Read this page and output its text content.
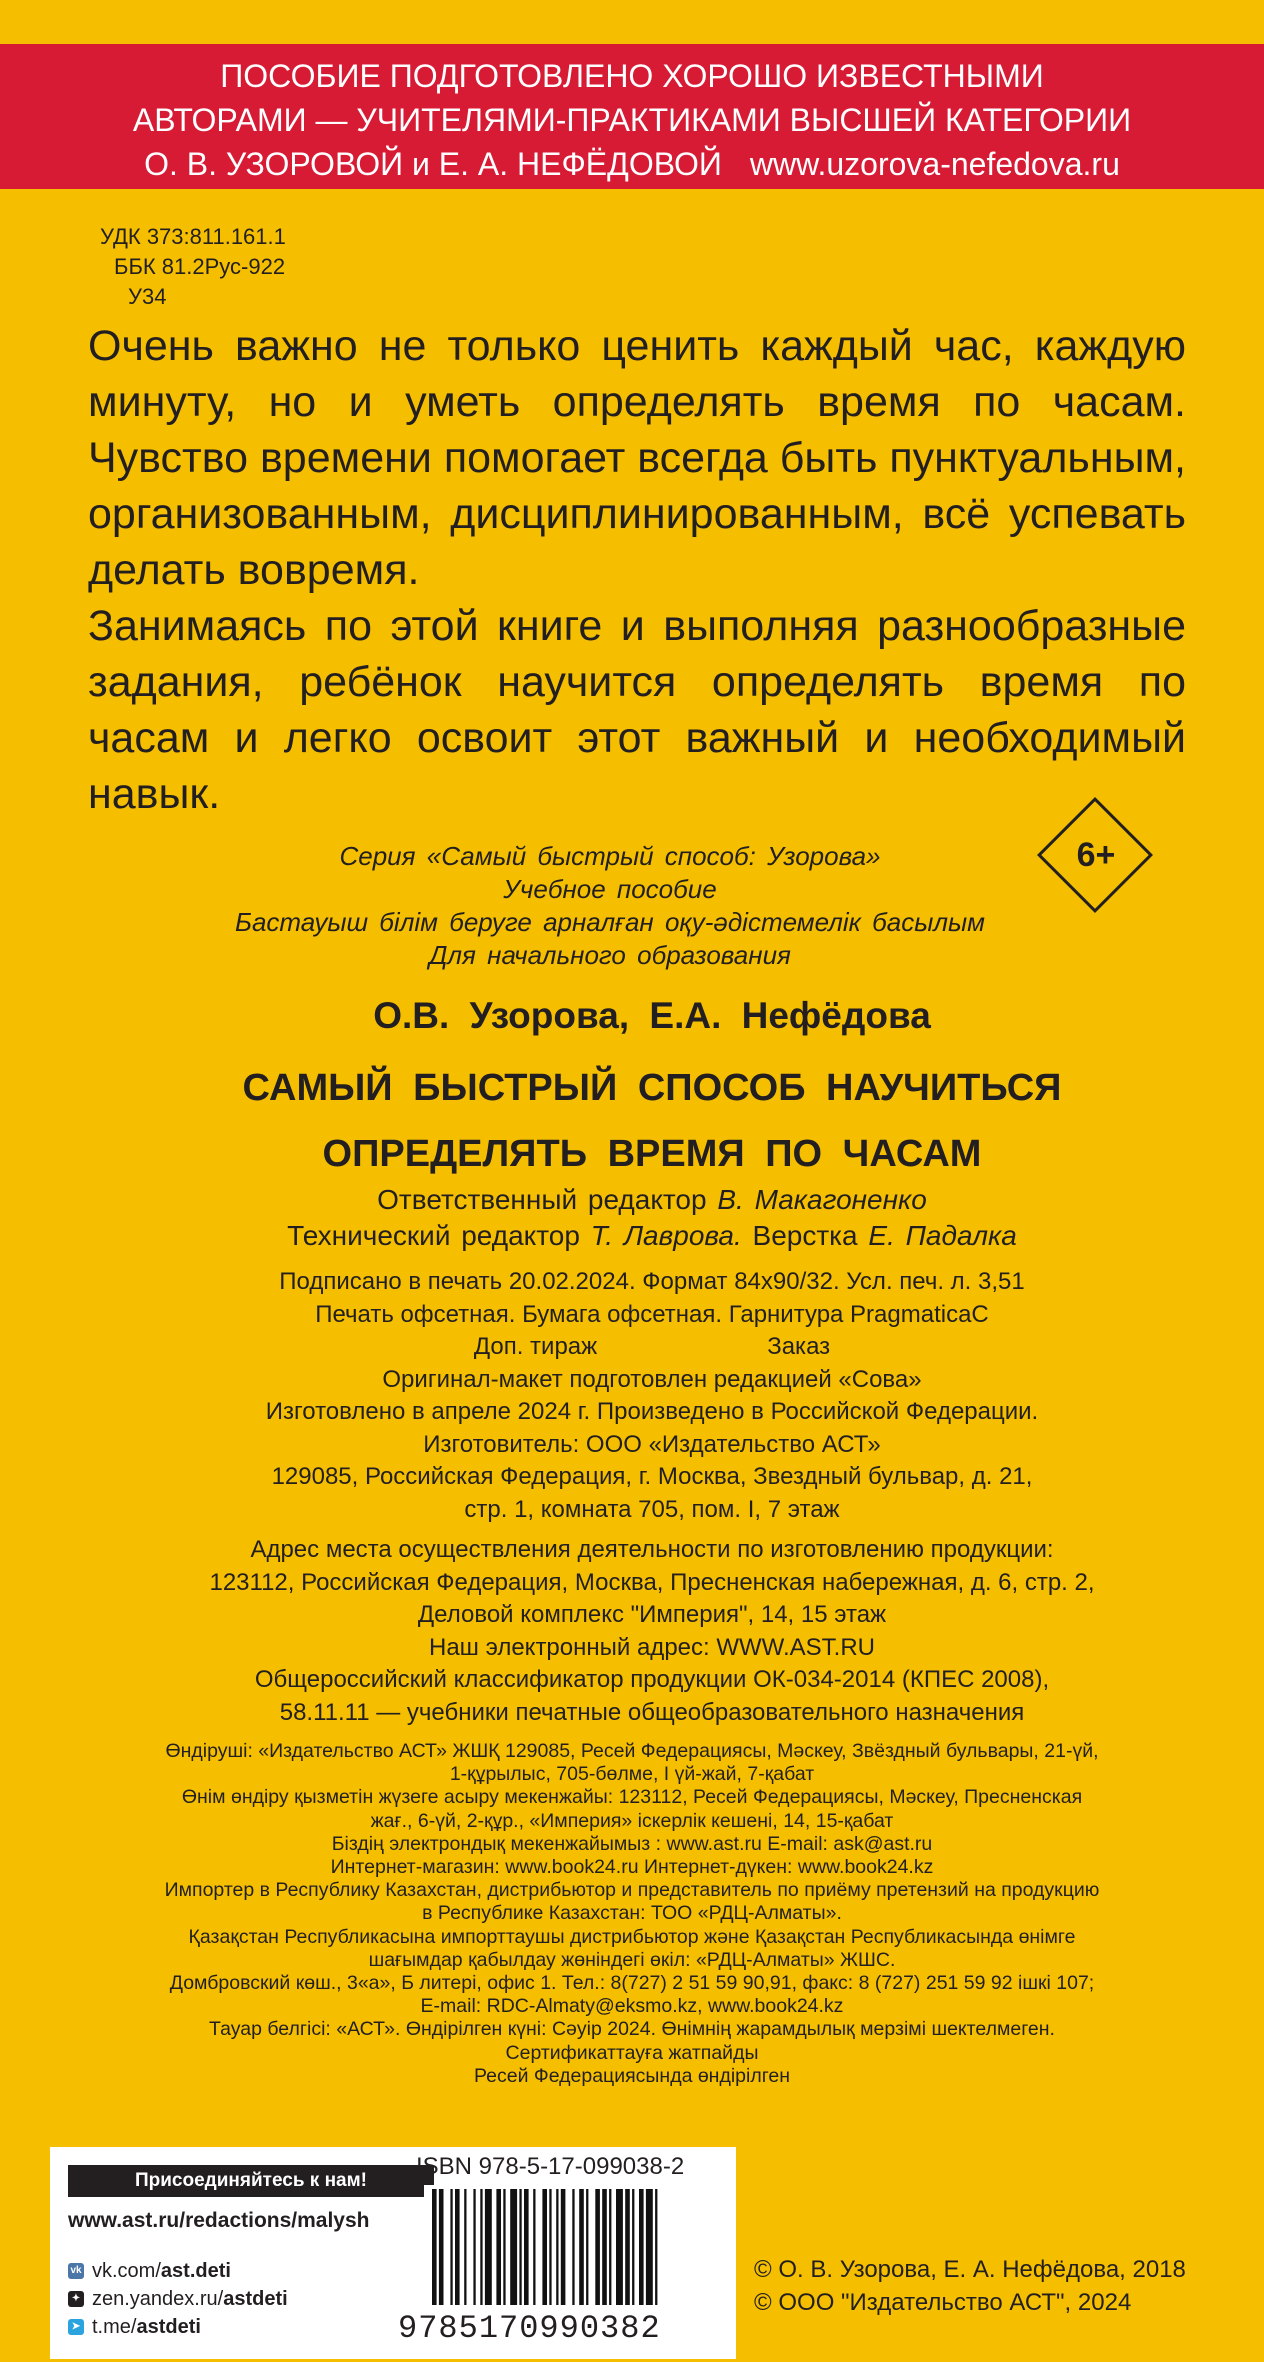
ПОСОБИЕ ПОДГОТОВЛЕНО ХОРОШО ИЗВЕСТНЫМИ
АВТОРАМИ — УЧИТЕЛЯМИ-ПРАКТИКАМИ ВЫСШЕЙ КАТЕГОРИИ
О. В. УЗОРОВОЙ и Е. А. НЕФЁДОВОЙ www.uzorova-nefedova.ru
УДК 373:811.161.1
ББК 81.2Рус-922
У34

Очень важно не только ценить каждый час, каждую минуту, но и уметь определять время по часам. Чувство времени помогает всегда быть пунктуальным, организованным, дисциплинированным, всё успевать делать вовремя.

Занимаясь по этой книге и выполняя разнообразные задания, ребёнок научится определять время по часам и легко освоит этот важный и необходимый навык.

Серия «Самый быстрый способ: Узорова»
Учебное пособие
Бастауыш білім беруге арналған оқу-әдістемелік басылым
Для начального образования
6+
О.В. Узорова, Е.А. Нефёдова
САМЫЙ БЫСТРЫЙ СПОСОБ НАУЧИТЬСЯ
ОПРЕДЕЛЯТЬ ВРЕМЯ ПО ЧАСАМ
Ответственный редактор В. Макагоненко
Технический редактор Т. Лаврова. Верстка Е. Падалка
Подписано в печать 20.02.2024. Формат 84x90/32. Усл. печ. л. 3,51
Печать офсетная. Бумага офсетная. Гарнитура PragmaticaC
Доп. тираж	Заказ
Оригинал-макет подготовлен редакцией «Сова»
Изготовлено в апреле 2024 г. Произведено в Российской Федерации.
Изготовитель: ООО «Издательство АСТ»
129085, Российская Федерация, г. Москва, Звездный бульвар, д. 21,
стр. 1, комната 705, пом. I, 7 этаж
Адрес места осуществления деятельности по изготовлению продукции:
123112, Российская Федерация, Москва, Пресненская набережная, д. 6, стр. 2,
Деловой комплекс "Империя", 14, 15 этаж
Наш электронный адрес: WWW.AST.RU
Общероссийский классификатор продукции ОК-034-2014 (КПЕС 2008),
58.11.11 — учебники печатные общеобразовательного назначения
Өндіруші: «Издательство АСТ» ЖШҚ 129085, Ресей Федерациясы, Мәскеу, Звёздный бульвары, 21-үй,
1-құрылыс, 705-бөлме, I үй-жай, 7-қабат
Өнім өндіру қызметін жүзеге асыру мекенжайы: 123112, Ресей Федерациясы, Мәскеу, Пресненская
жағ., 6-үй, 2-құр., «Империя» іскерлік кешені, 14, 15-қабат
Біздің электрондық мекенжайымыз : www.ast.ru E-mail: ask@ast.ru
Интернет-магазин: www.book24.ru Интернет-дүкен: www.book24.kz
Импортер в Республику Казахстан, дистрибьютор и представитель по приёму претензий на продукцию
в Республике Казахстан: ТОО «РДЦ-Алматы».
Қазақстан Республикасына импорттаушы дистрибьютор және Қазақстан Республикасында өнімге
шағымдар қабылдау жөніндегі өкіл: «РДЦ-Алматы» ЖШС.
Домбровский көш., 3«а», Б литері, офис 1. Тел.: 8(727) 2 51 59 90,91, факс: 8 (727) 251 59 92 ішкі 107;
E-mail: RDC-Almaty@eksmo.kz, www.book24.kz
Тауар белгісі: «АСТ». Өндірілген күні: Сәуір 2024. Өнімнің жарамдылық мерзімі шектелмеген.
Сертификаттауға жатпайды
Ресей Федерациясында өндірілген
Присоединяйтесь к нам!
www.ast.ru/redactions/malysh
vk vk.com/ ast.deti
✦ zen.yandex.ru/ astdeti
➤ t.me/ astdeti
ISBN 978-5-17-099038-2
9785170990382
© О. В. Узорова, Е. А. Нефёдова, 2018
© ООО "Издательство АСТ", 2024
